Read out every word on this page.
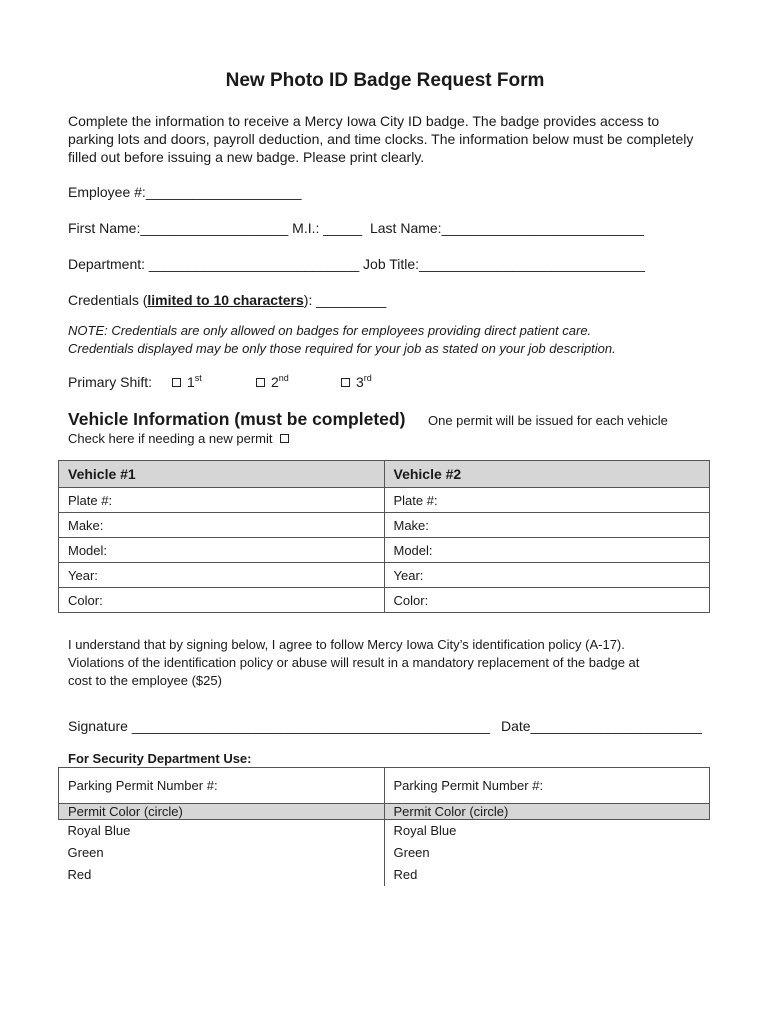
New Photo ID Badge Request Form
Complete the information to receive a Mercy Iowa City ID badge. The badge provides access to parking lots and doors, payroll deduction, and time clocks. The information below must be completely filled out before issuing a new badge. Please print clearly.
Employee #:____________________
First Name:___________________ M.I.: _____  Last Name:__________________________
Department: ___________________________ Job Title:_____________________________
Credentials (limited to 10 characters): _________
NOTE: Credentials are only allowed on badges for employees providing direct patient care.
Credentials displayed may be only those required for your job as stated on your job description.
Primary Shift:	1st	2nd	3rd
Vehicle Information (must be completed) One permit will be issued for each vehicle
Check here if needing a new permit
Vehicle #1	Vehicle #2
Plate #:	Plate #:
Make:	Make:
Model:	Model:
Year:	Year:
Color:	Color:
I understand that by signing below, I agree to follow Mercy Iowa City’s identification policy (A-17).
Violations of the identification policy or abuse will result in a mandatory replacement of the badge at
cost to the employee ($25)
Signature ______________________________________________ Date______________________
For Security Department Use:
Parking Permit Number #:	Parking Permit Number #:
Permit Color (circle)	Permit Color (circle)
Royal Blue	Royal Blue
Green	Green
Red	Red
